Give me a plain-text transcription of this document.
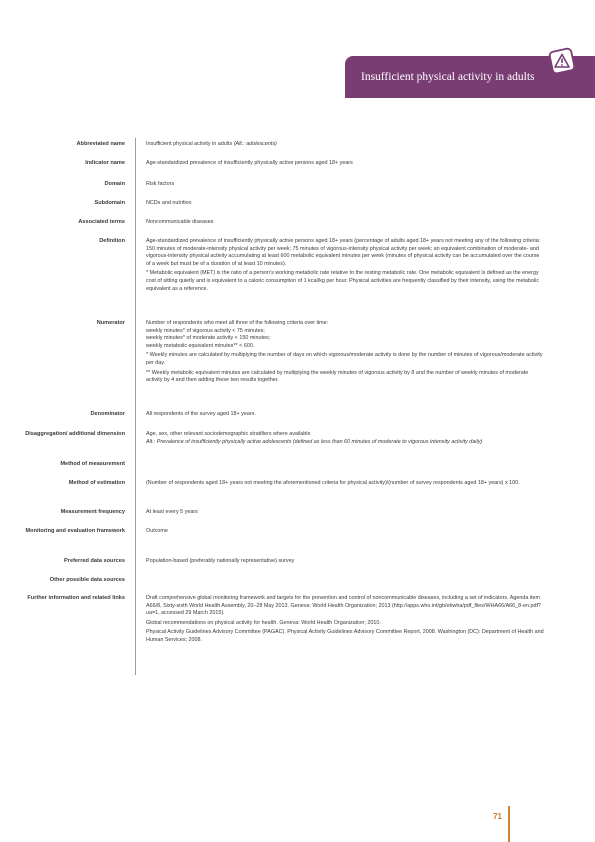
Insufficient physical activity in adults
Abbreviated name	Insufficient physical activity in adults (Alt.: adolescents)
Indicator name	Age-standardized prevalence of insufficiently physically active persons aged 18+ years
Domain	Risk factors
Subdomain	NCDs and nutrition
Associated terms	Noncommunicable diseases
Definition	Age-standardized prevalence of insufficiently physically active persons aged 18+ years (percentage of adults aged 18+ years not meeting any of the following criteria: 150 minutes of moderate-intensity physical activity per week; 75 minutes of vigorous-intensity physical activity per week; an equivalent combination of moderate- and vigorous-intensity physical activity accumulating at least 600 metabolic equivalent minutes per week (minutes of physical activity can be accumulated over the course of a week but must be of a duration of at least 10 minutes).

* Metabolic equivalent (MET) is the ratio of a person's working metabolic rate relative to the resting metabolic rate. One metabolic equivalent is defined as the energy cost of sitting quietly and is equivalent to a caloric consumption of 1 kcal/kg per hour. Physical activities are frequently classified by their intensity, using the metabolic equivalent as a reference.

Numerator	Number of respondents who meet all three of the following criteria over time:
weekly minutes* of vigorous activity < 75 minutes;
weekly minutes* of moderate activity < 150 minutes;
weekly metabolic equivalent minutes** < 600.

* Weekly minutes are calculated by multiplying the number of days on which vigorous/moderate activity is done by the number of minutes of vigorous/moderate activity per day.

** Weekly metabolic equivalent minutes are calculated by multiplying the weekly minutes of vigorous activity by 8 and the number of weekly minutes of moderate activity by 4 and then adding these two results together.

Denominator	All respondents of the survey aged 18+ years.
Disaggregation/ additional dimension	Age, sex, other relevant sociodemographic stratifiers where available
Alt.: Prevalence of insufficiently physically active adolescents (defined as less than 60 minutes of moderate to vigorous intensity activity daily)
Method of measurement
Method of estimation	(Number of respondents aged 18+ years not meeting the aforementioned criteria for physical activity)/(number of survey respondents aged 18+ years) x 100.
Measurement frequency	At least every 5 years
Monitoring and evaluation framework	Outcome
Preferred data sources	Population-based (preferably nationally representative) survey
Other possible data sources
Further information and related links	Draft comprehensive global monitoring framework and targets for the prevention and control of noncommunicable diseases, including a set of indicators. Agenda item A66/8, Sixty-sixth World Health Assembly, 20–28 May 2013. Geneva: World Health Organization; 2013 (http://apps.who.int/gb/ebwha/pdf_files/WHA66/A66_8-en.pdf?ua=1, accessed 29 March 2015).

Global recommendations on physical activity for health. Geneva: World Health Organization; 2010.

Physical Activity Guidelines Advisory Committee (PAGAC). Physical Activity Guidelines Advisory Committee Report, 2008. Washington (DC): Department of Health and Human Services; 2008.

71
